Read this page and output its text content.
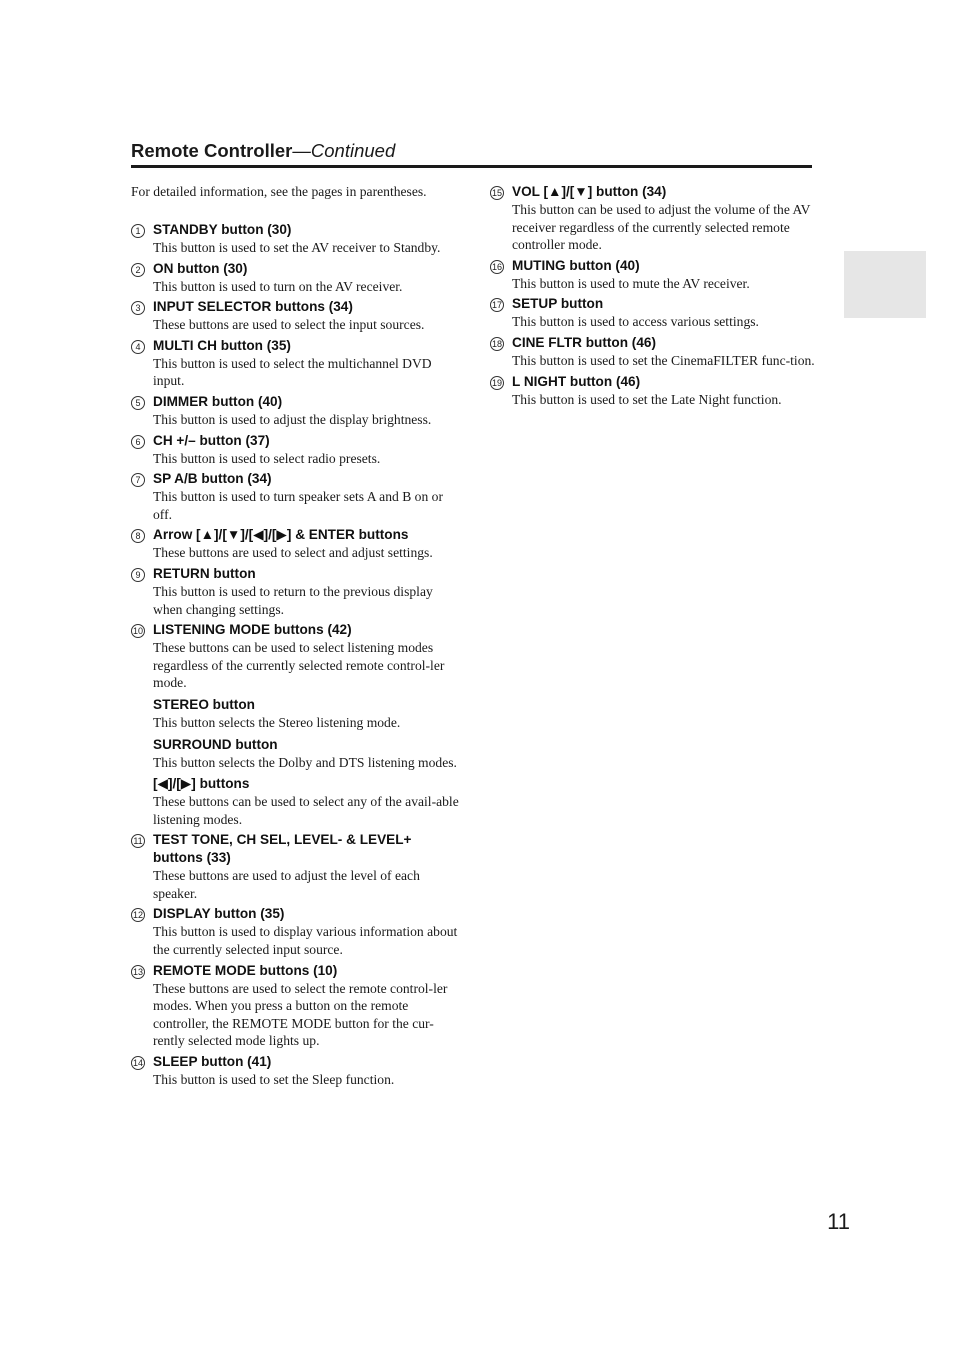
Remote Controller—Continued
For detailed information, see the pages in parentheses.
1 STANDBY button (30)
This button is used to set the AV receiver to Standby.
2 ON button (30)
This button is used to turn on the AV receiver.
3 INPUT SELECTOR buttons (34)
These buttons are used to select the input sources.
4 MULTI CH button (35)
This button is used to select the multichannel DVD input.
5 DIMMER button (40)
This button is used to adjust the display brightness.
6 CH +/– button (37)
This button is used to select radio presets.
7 SP A/B button (34)
This button is used to turn speaker sets A and B on or off.
8 Arrow [▲]/[▼]/[◀]/[▶] & ENTER buttons
These buttons are used to select and adjust settings.
9 RETURN button
This button is used to return to the previous display when changing settings.
10 LISTENING MODE buttons (42)
These buttons can be used to select listening modes regardless of the currently selected remote control-ler mode.
STEREO button
This button selects the Stereo listening mode.
SURROUND button
This button selects the Dolby and DTS listening modes.
[◀]/[▶] buttons
These buttons can be used to select any of the avail-able listening modes.
11 TEST TONE, CH SEL, LEVEL- & LEVEL+ buttons (33)
These buttons are used to adjust the level of each speaker.
12 DISPLAY button (35)
This button is used to display various information about the currently selected input source.
13 REMOTE MODE buttons (10)
These buttons are used to select the remote control-ler modes. When you press a button on the remote controller, the REMOTE MODE button for the cur-rently selected mode lights up.
14 SLEEP button (41)
This button is used to set the Sleep function.
15 VOL [▲]/[▼] button (34)
This button can be used to adjust the volume of the AV receiver regardless of the currently selected remote controller mode.
16 MUTING button (40)
This button is used to mute the AV receiver.
17 SETUP button
This button is used to access various settings.
18 CINE FLTR button (46)
This button is used to set the CinemaFILTER func-tion.
19 L NIGHT button (46)
This button is used to set the Late Night function.
11
